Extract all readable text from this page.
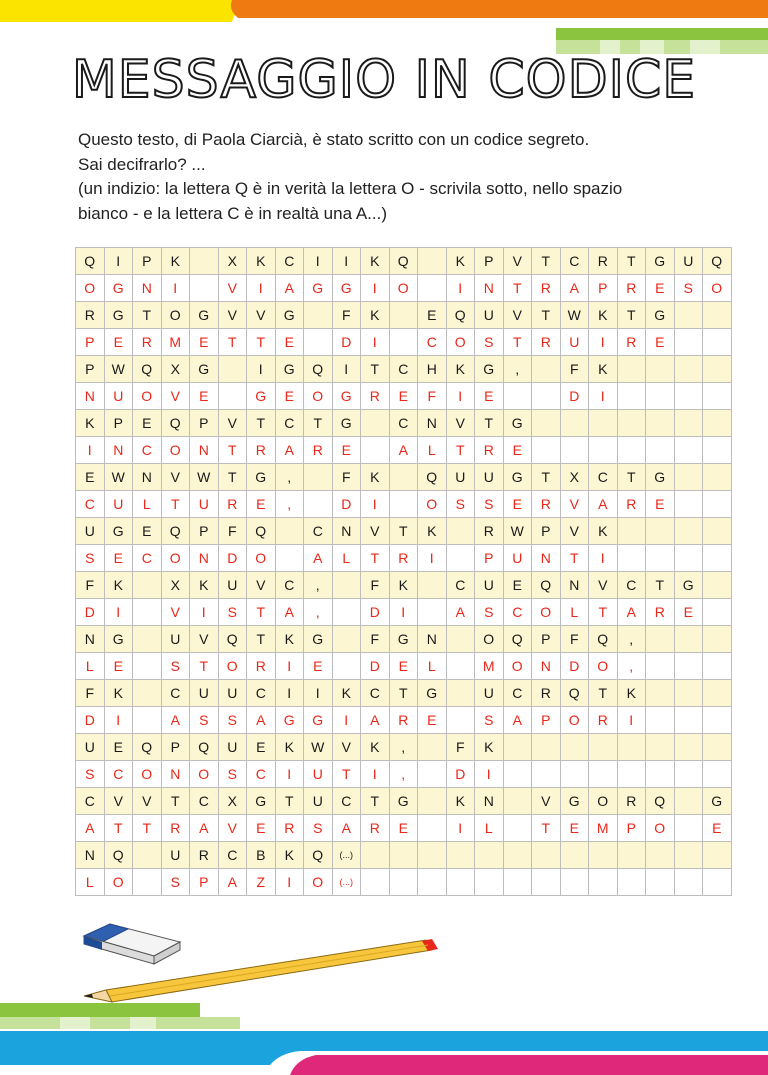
MESSAGGIO IN CODICE
Questo testo, di Paola Ciarcià, è stato scritto con un codice segreto.
Sai decifrarlo? ...
(un indizio: la lettera Q è in verità la lettera O - scrivila sotto, nello spazio
bianco - e la lettera C è in realtà una A...)
Q	I	P	K		X	K	C	I	I	K	Q		K	P	V	T	C	R	T	G	U	Q
O	G	N	I		V	I	A	G	G	I	O		I	N	T	R	A	P	R	E	S	O
R	G	T	O	G	V	V	G		F	K		E	Q	U	V	T	W	K	T	G		
P	E	R	M	E	T	T	E		D	I		C	O	S	T	R	U	I	R	E		
P	W	Q	X	G		I	G	Q	I	T	C	H	K	G	,		F	K				
N	U	O	V	E		G	E	O	G	R	E	F	I	E			D	I				
K	P	E	Q	P	V	T	C	T	G		C	N	V	T	G							
I	N	C	O	N	T	R	A	R	E		A	L	T	R	E							
E	W	N	V	W	T	G	,		F	K		Q	U	U	G	T	X	C	T	G		
C	U	L	T	U	R	E	,		D	I		O	S	S	E	R	V	A	R	E		
U	G	E	Q	P	F	Q		C	N	V	T	K		R	W	P	V	K				
S	E	C	O	N	D	O		A	L	T	R	I		P	U	N	T	I				
F	K		X	K	U	V	C	,		F	K		C	U	E	Q	N	V	C	T	G	
D	I		V	I	S	T	A	,		D	I		A	S	C	O	L	T	A	R	E	
N	G		U	V	Q	T	K	G		F	G	N		O	Q	P	F	Q	,			
L	E		S	T	O	R	I	E		D	E	L		M	O	N	D	O	,			
F	K		C	U	U	C	I	I	K	C	T	G		U	C	R	Q	T	K			
D	I		A	S	S	A	G	G	I	A	R	E		S	A	P	O	R	I			
U	E	Q	P	Q	U	E	K	W	V	K	,		F	K								
S	C	O	N	O	S	C	I	U	T	I	,		D	I								
C	V	V	T	C	X	G	T	U	C	T	G		K	N		V	G	O	R	Q		G
A	T	T	R	A	V	E	R	S	A	R	E		I	L		T	E	M	P	O		E
N	Q		U	R	C	B	K	Q	(...)													
L	O		S	P	A	Z	I	O	(...)													
